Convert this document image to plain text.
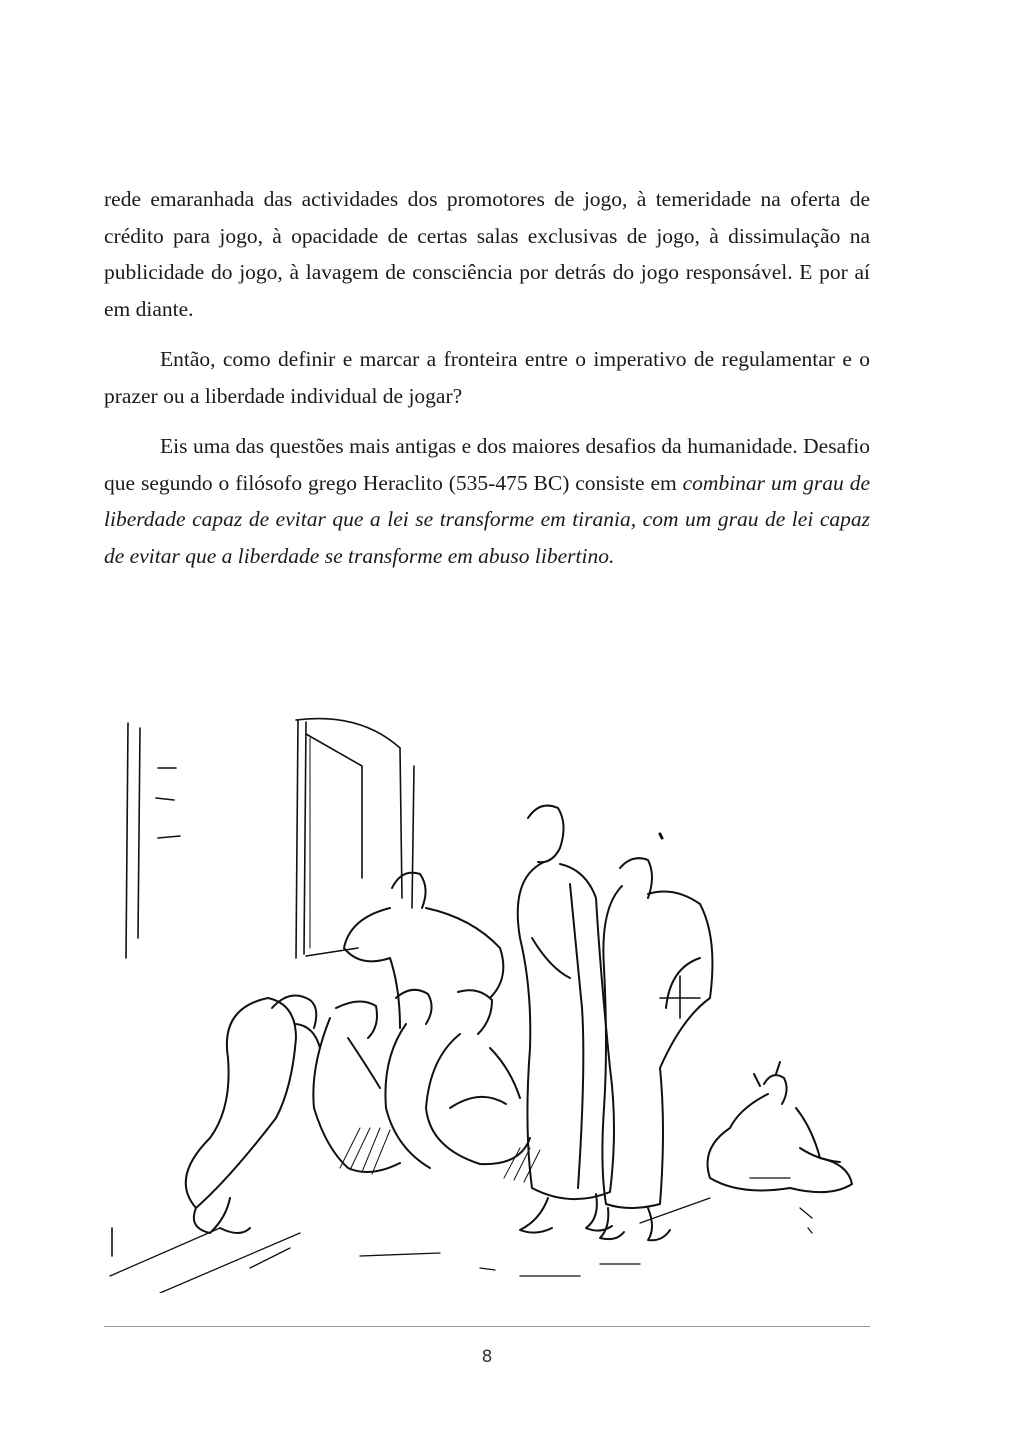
rede emaranhada das actividades dos promotores de jogo, à temeridade na oferta de crédito para jogo, à opacidade de certas salas exclusivas de jogo, à dissimulação na publicidade do jogo, à lavagem de consciência por detrás do jogo responsável. E por aí em diante.

Então, como definir e marcar a fronteira entre o imperativo de regulamentar e o prazer ou a liberdade individual de jogar?

Eis uma das questões mais antigas e dos maiores desafios da humanidade. Desafio que segundo o filósofo grego Heraclito (535-475 BC) consiste em combinar um grau de liberdade capaz de evitar que a lei se transforme em tirania, com um grau de lei capaz de evitar que a liberdade se transforme em abuso libertino.

8
